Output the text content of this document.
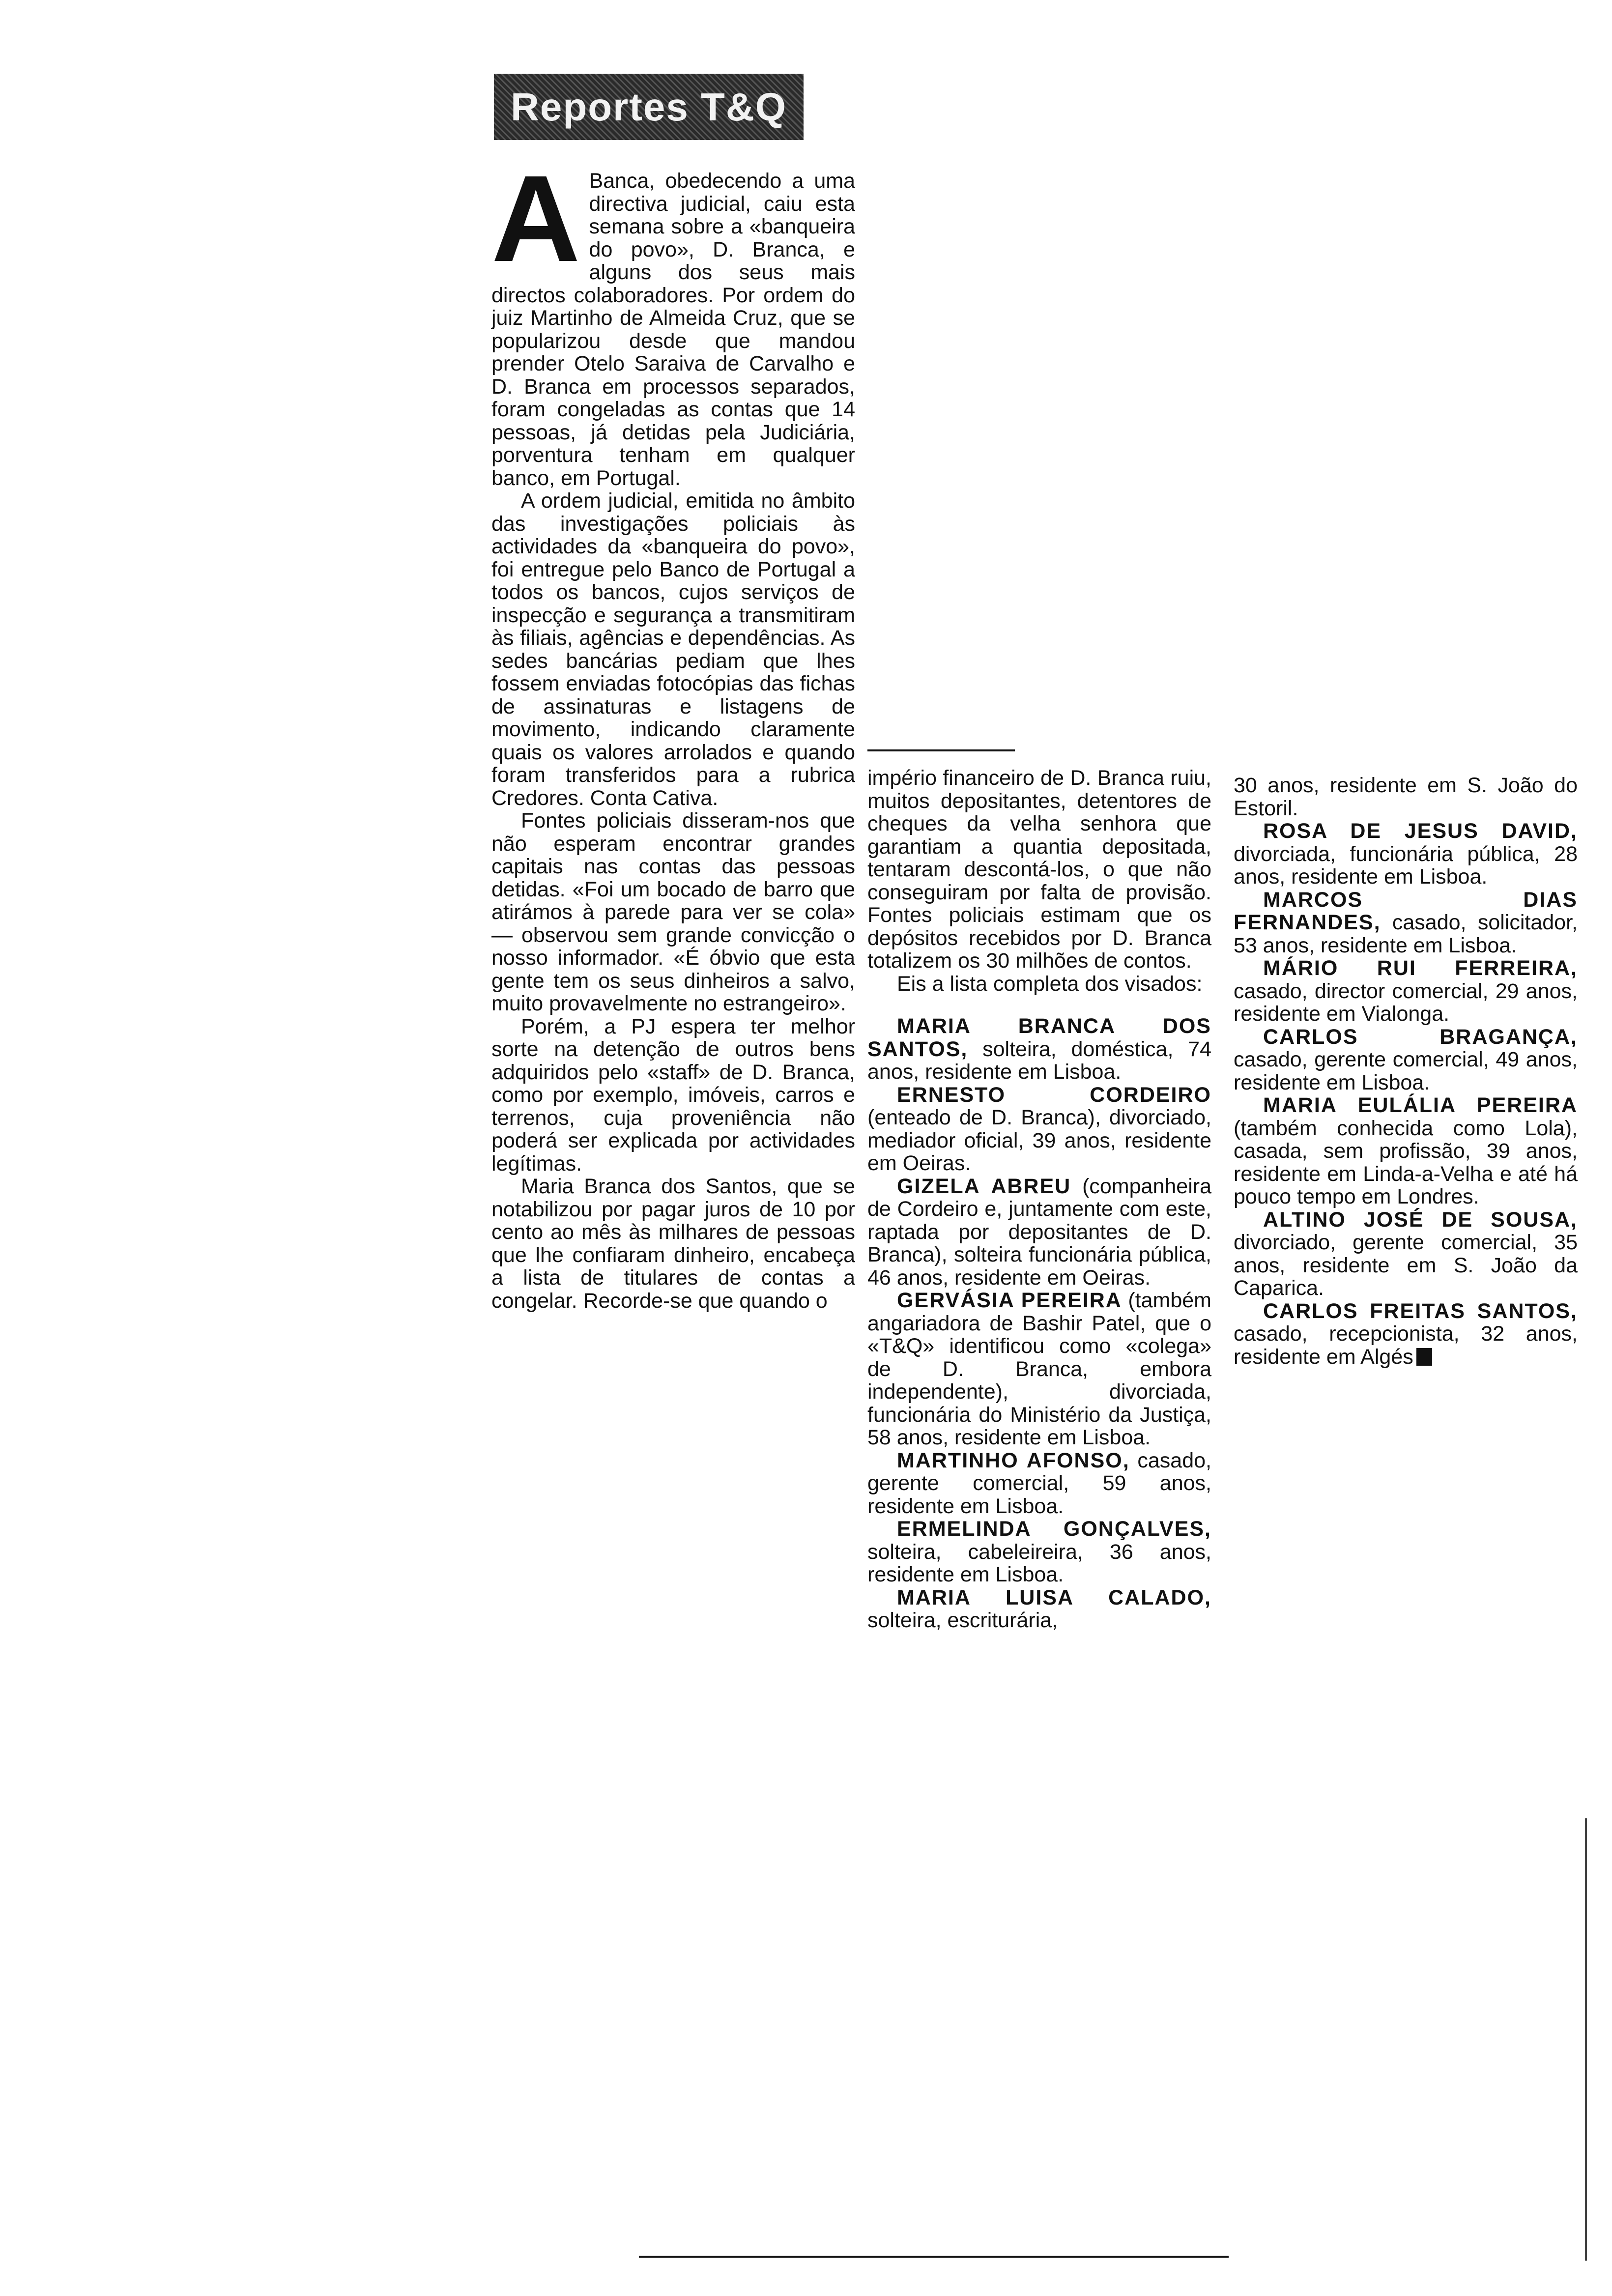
Reportes T&Q

A Banca, obedecendo a uma directiva judicial, caiu esta semana sobre a «banqueira do povo», D. Branca, e alguns dos seus mais directos colaboradores. Por ordem do juiz Martinho de Almeida Cruz, que se popularizou desde que mandou prender Otelo Saraiva de Carvalho e D. Branca em processos separados, foram congeladas as contas que 14 pessoas, já detidas pela Judiciária, porventura tenham em qualquer banco, em Portugal.

A ordem judicial, emitida no âmbito das investigações policiais às actividades da «banqueira do povo», foi entregue pelo Banco de Portugal a todos os bancos, cujos serviços de inspecção e segurança a transmitiram às filiais, agências e dependências. As sedes bancárias pediam que lhes fossem enviadas fotocópias das fichas de assinaturas e listagens de movimento, indicando claramente quais os valores arrolados e quando foram transferidos para a rubrica Credores. Conta Cativa.

Fontes policiais disseram-nos que não esperam encontrar grandes capitais nas contas das pessoas detidas. «Foi um bocado de barro que atirámos à parede para ver se cola» — observou sem grande convicção o nosso informador. «É óbvio que esta gente tem os seus dinheiros a salvo, muito provavelmente no estrangeiro».

Porém, a PJ espera ter melhor sorte na detenção de outros bens adquiridos pelo «staff» de D. Branca, como por exemplo, imóveis, carros e terrenos, cuja proveniência não poderá ser explicada por actividades legítimas.

Maria Branca dos Santos, que se notabilizou por pagar juros de 10 por cento ao mês às milhares de pessoas que lhe confiaram dinheiro, encabeça a lista de titulares de contas a congelar. Recorde-se que quando o

império financeiro de D. Branca ruiu, muitos depositantes, detentores de cheques da velha senhora que garantiam a quantia depositada, tentaram descontá-los, o que não conseguiram por falta de provisão. Fontes policiais estimam que os depósitos recebidos por D. Branca totalizem os 30 milhões de contos.

Eis a lista completa dos visados:

MARIA BRANCA DOS SANTOS, solteira, doméstica, 74 anos, residente em Lisboa.

ERNESTO CORDEIRO (enteado de D. Branca), divorciado, mediador oficial, 39 anos, residente em Oeiras.

GIZELA ABREU (companheira de Cordeiro e, juntamente com este, raptada por depositantes de D. Branca), solteira funcionária pública, 46 anos, residente em Oeiras.

GERVÁSIA PEREIRA (também angariadora de Bashir Patel, que o «T&Q» identificou como «colega» de D. Branca, embora independente), divorciada, funcionária do Ministério da Justiça, 58 anos, residente em Lisboa.

MARTINHO AFONSO, casado, gerente comercial, 59 anos, residente em Lisboa.

ERMELINDA GONÇALVES, solteira, cabeleireira, 36 anos, residente em Lisboa.

MARIA LUISA CALADO, solteira, escriturária,

30 anos, residente em S. João do Estoril.

ROSA DE JESUS DAVID, divorciada, funcionária pública, 28 anos, residente em Lisboa.

MARCOS DIAS FERNANDES, casado, solicitador, 53 anos, residente em Lisboa.

MÁRIO RUI FERREIRA, casado, director comercial, 29 anos, residente em Vialonga.

CARLOS BRAGANÇA, casado, gerente comercial, 49 anos, residente em Lisboa.

MARIA EULÁLIA PEREIRA (também conhecida como Lola), casada, sem profissão, 39 anos, residente em Linda-a-Velha e até há pouco tempo em Londres.

ALTINO JOSÉ DE SOUSA, divorciado, gerente comercial, 35 anos, residente em S. João da Caparica.

CARLOS FREITAS SANTOS, casado, recepcionista, 32 anos, residente em Algés
